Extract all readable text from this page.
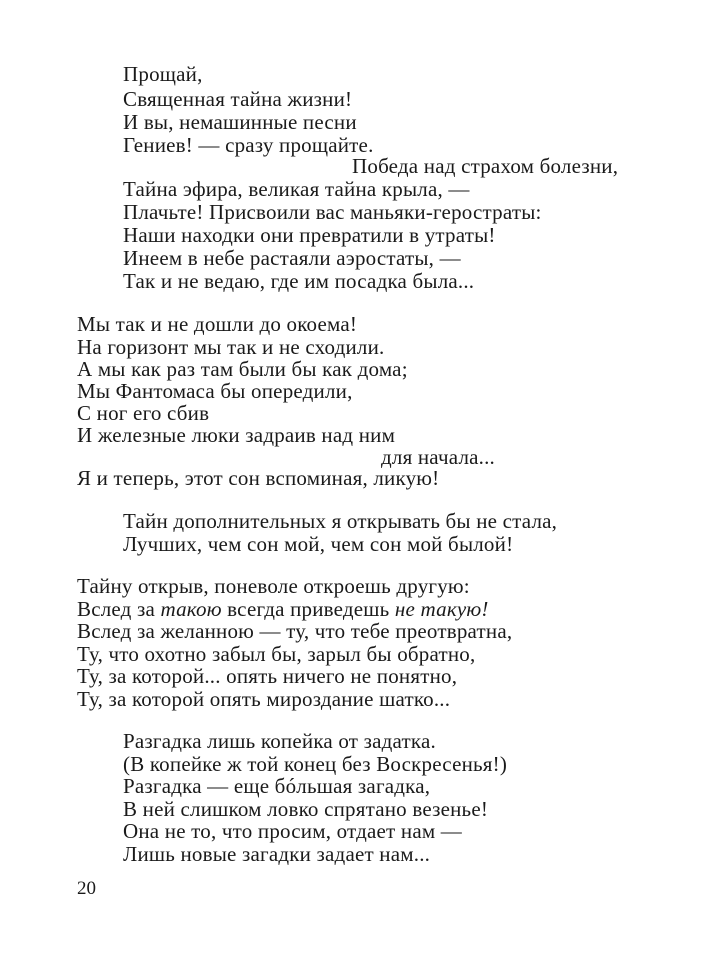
Прощай,
Священная тайна жизни!
И вы, немашинные песни
Гениев! — сразу прощайте.
Победа над страхом болезни,
Тайна эфира, великая тайна крыла, —
Плачьте! Присвоили вас маньяки-геростраты:
Наши находки они превратили в утраты!
Инеем в небе растаяли аэростаты, —
Так и не ведаю, где им посадка была...
Мы так и не дошли до окоема!
На горизонт мы так и не сходили.
А мы как раз там были бы как дома;
Мы Фантомаса бы опередили,
С ног его сбив
И железные люки задраив над ним
для начала...
Я и теперь, этот сон вспоминая, ликую!
Тайн дополнительных я открывать бы не стала,
Лучших, чем сон мой, чем сон мой былой!
Тайну открыв, поневоле откроешь другую:
Вслед за такою всегда приведешь не такую!
Вслед за желанною — ту, что тебе преотвратна,
Ту, что охотно забыл бы, зарыл бы обратно,
Ту, за которой... опять ничего не понятно,
Ту, за которой опять мироздание шатко...
Разгадка лишь копейка от задатка.
(В копейке ж той конец без Воскресенья!)
Разгадка — еще бóльшая загадка,
В ней слишком ловко спрятано везенье!
Она не то, что просим, отдает нам —
Лишь новые загадки задает нам...
20
